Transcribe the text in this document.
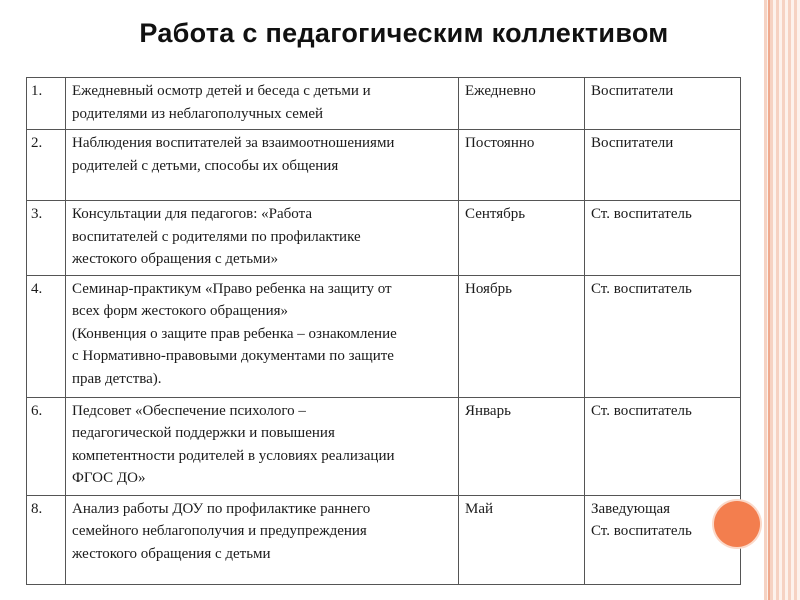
Работа с педагогическим коллективом
1.	Ежедневный осмотр детей и беседа с детьми и
родителями из неблагополучных семей	Ежедневно	Воспитатели

2.	Наблюдения воспитателей за взаимоотношениями
родителей с детьми, способы их общения	Постоянно	Воспитатели

3.	Консультации для педагогов: «Работа
воспитателей с родителями по профилактике
жестокого обращения с детьми»	Сентябрь	Ст. воспитатель

4.	Семинар-практикум «Право ребенка на защиту от
всех форм жестокого обращения»
(Конвенция о защите прав ребенка – ознакомление
с Нормативно-правовыми документами по защите
прав детства).	Ноябрь	Ст. воспитатель

6.	Педсовет «Обеспечение психолого –
педагогической поддержки и повышения
компетентности родителей в условиях реализации
ФГОС ДО»	Январь	Ст. воспитатель

8.	Анализ работы ДОУ по профилактике раннего
семейного неблагополучия и предупреждения
жестокого обращения с детьми	Май	Заведующая
Ст. воспитатель
